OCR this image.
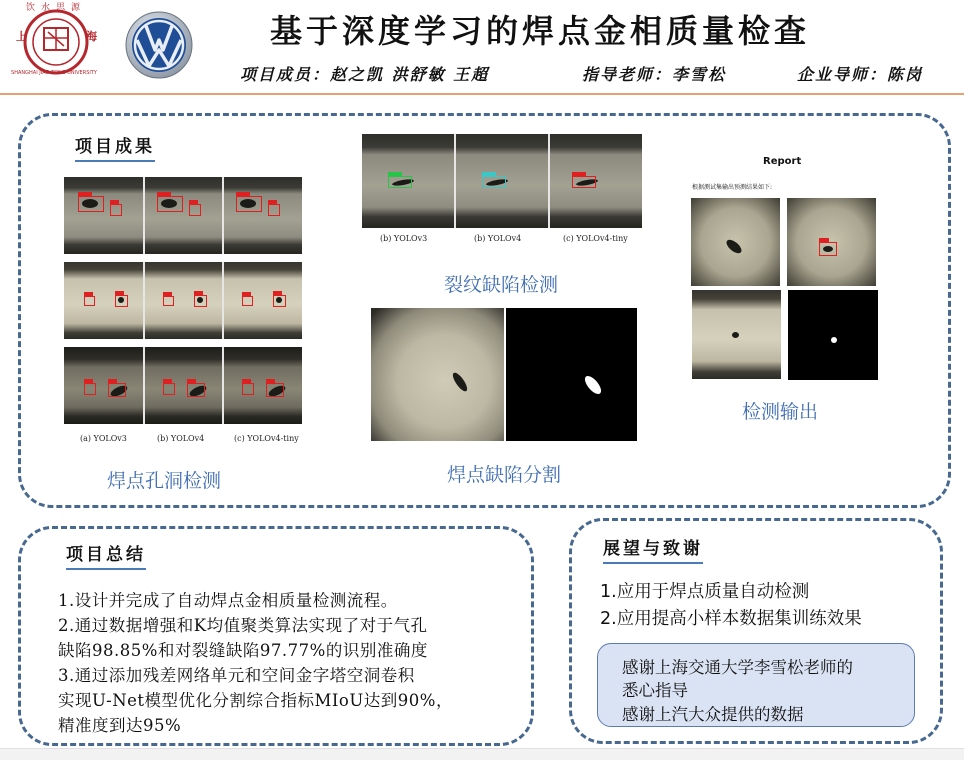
上	海
饮水思源
SHANGHAI JIAO TONG UNIVERSITY
基于深度学习的焊点金相质量检查
项目成员：赵之凯 洪舒敏 王超	指导老师：李雪松	企业导师：陈岗
项目成果
(a) YOLOv3	(b) YOLOv4	(c) YOLOv4-tiny
焊点孔洞检测
(b) YOLOv3	(b) YOLOv4	(c) YOLOv4-tiny
裂纹缺陷检测
焊点缺陷分割
Report
根据测试集输出预测结果如下:
检测输出
项目总结
1.设计并完成了自动焊点金相质量检测流程。
2.通过数据增强和K均值聚类算法实现了对于气孔
缺陷98.85%和对裂缝缺陷97.77%的识别准确度
3.通过添加残差网络单元和空间金字塔空洞卷积
实现U-Net模型优化分割综合指标MIoU达到90%，
精准度到达95%
展望与致谢
1.应用于焊点质量自动检测
2.应用提高小样本数据集训练效果
感谢上海交通大学李雪松老师的
悉心指导
感谢上汽大众提供的数据
